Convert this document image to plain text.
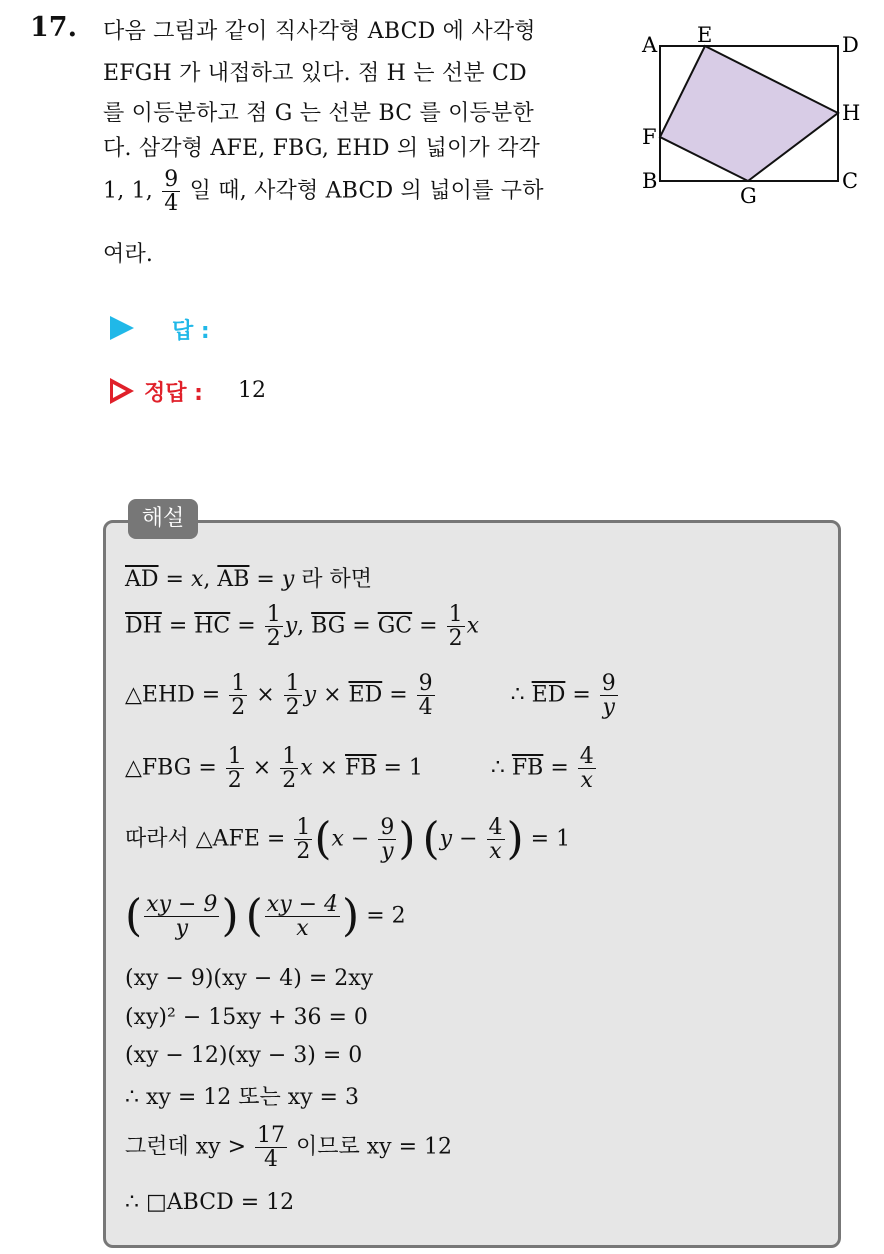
17. 다음 그림과 같이 직사각형 ABCD 에 사각형
EFGH 가 내접하고 있다. 점 H 는 선분 CD
를 이등분하고 점 G 는 선분 BC 를 이등분한
다. 삼각형 AFE, FBG, EHD 의 넓이가 각각
1, 1, $\frac{9}{4}$ 일 때, 사각형 ABCD 의 넓이를 구하
여라.
A E	D
H
F
B
G
C
답 :
정답 : 12
해설
$\overline{AD} = x$, $\overline{AB} = y$ 라 하면
$\overline{DH} = \overline{HC} = \frac{1}{2} y$, $\overline{BG} = \overline{GC} = \frac{1}{2}$ x
△EHD = $\frac{1}{2} \times \frac{1}{2}$ $y \times \overline{ED} = \frac{9}{4}$	∴ $\overline{ED} = \frac{9}{y}$
△FBG = $\frac{1}{2} \times \frac{1}{2}$ $x \times \overline{FB} = 1$	∴ $\overline{FB} = \frac{4}{x}$
따라서 △AFE = $\frac{1}{2} (x - \frac{9}{y}$ ) ($y - \frac{4}{x}$ ) = 1
( $\frac{xy - 9}{y}$ ) ( $\frac{xy - 4}{x}$ ) = 2
(xy − 9)(xy − 4) = 2xy
(xy)² − 15xy + 36 = 0
(xy − 12)(xy − 3) = 0
∴ xy = 12 또는 xy = 3
그런데 xy > $\frac{17}{4}$ 이므로 xy = 12
∴ □ABCD = 12
